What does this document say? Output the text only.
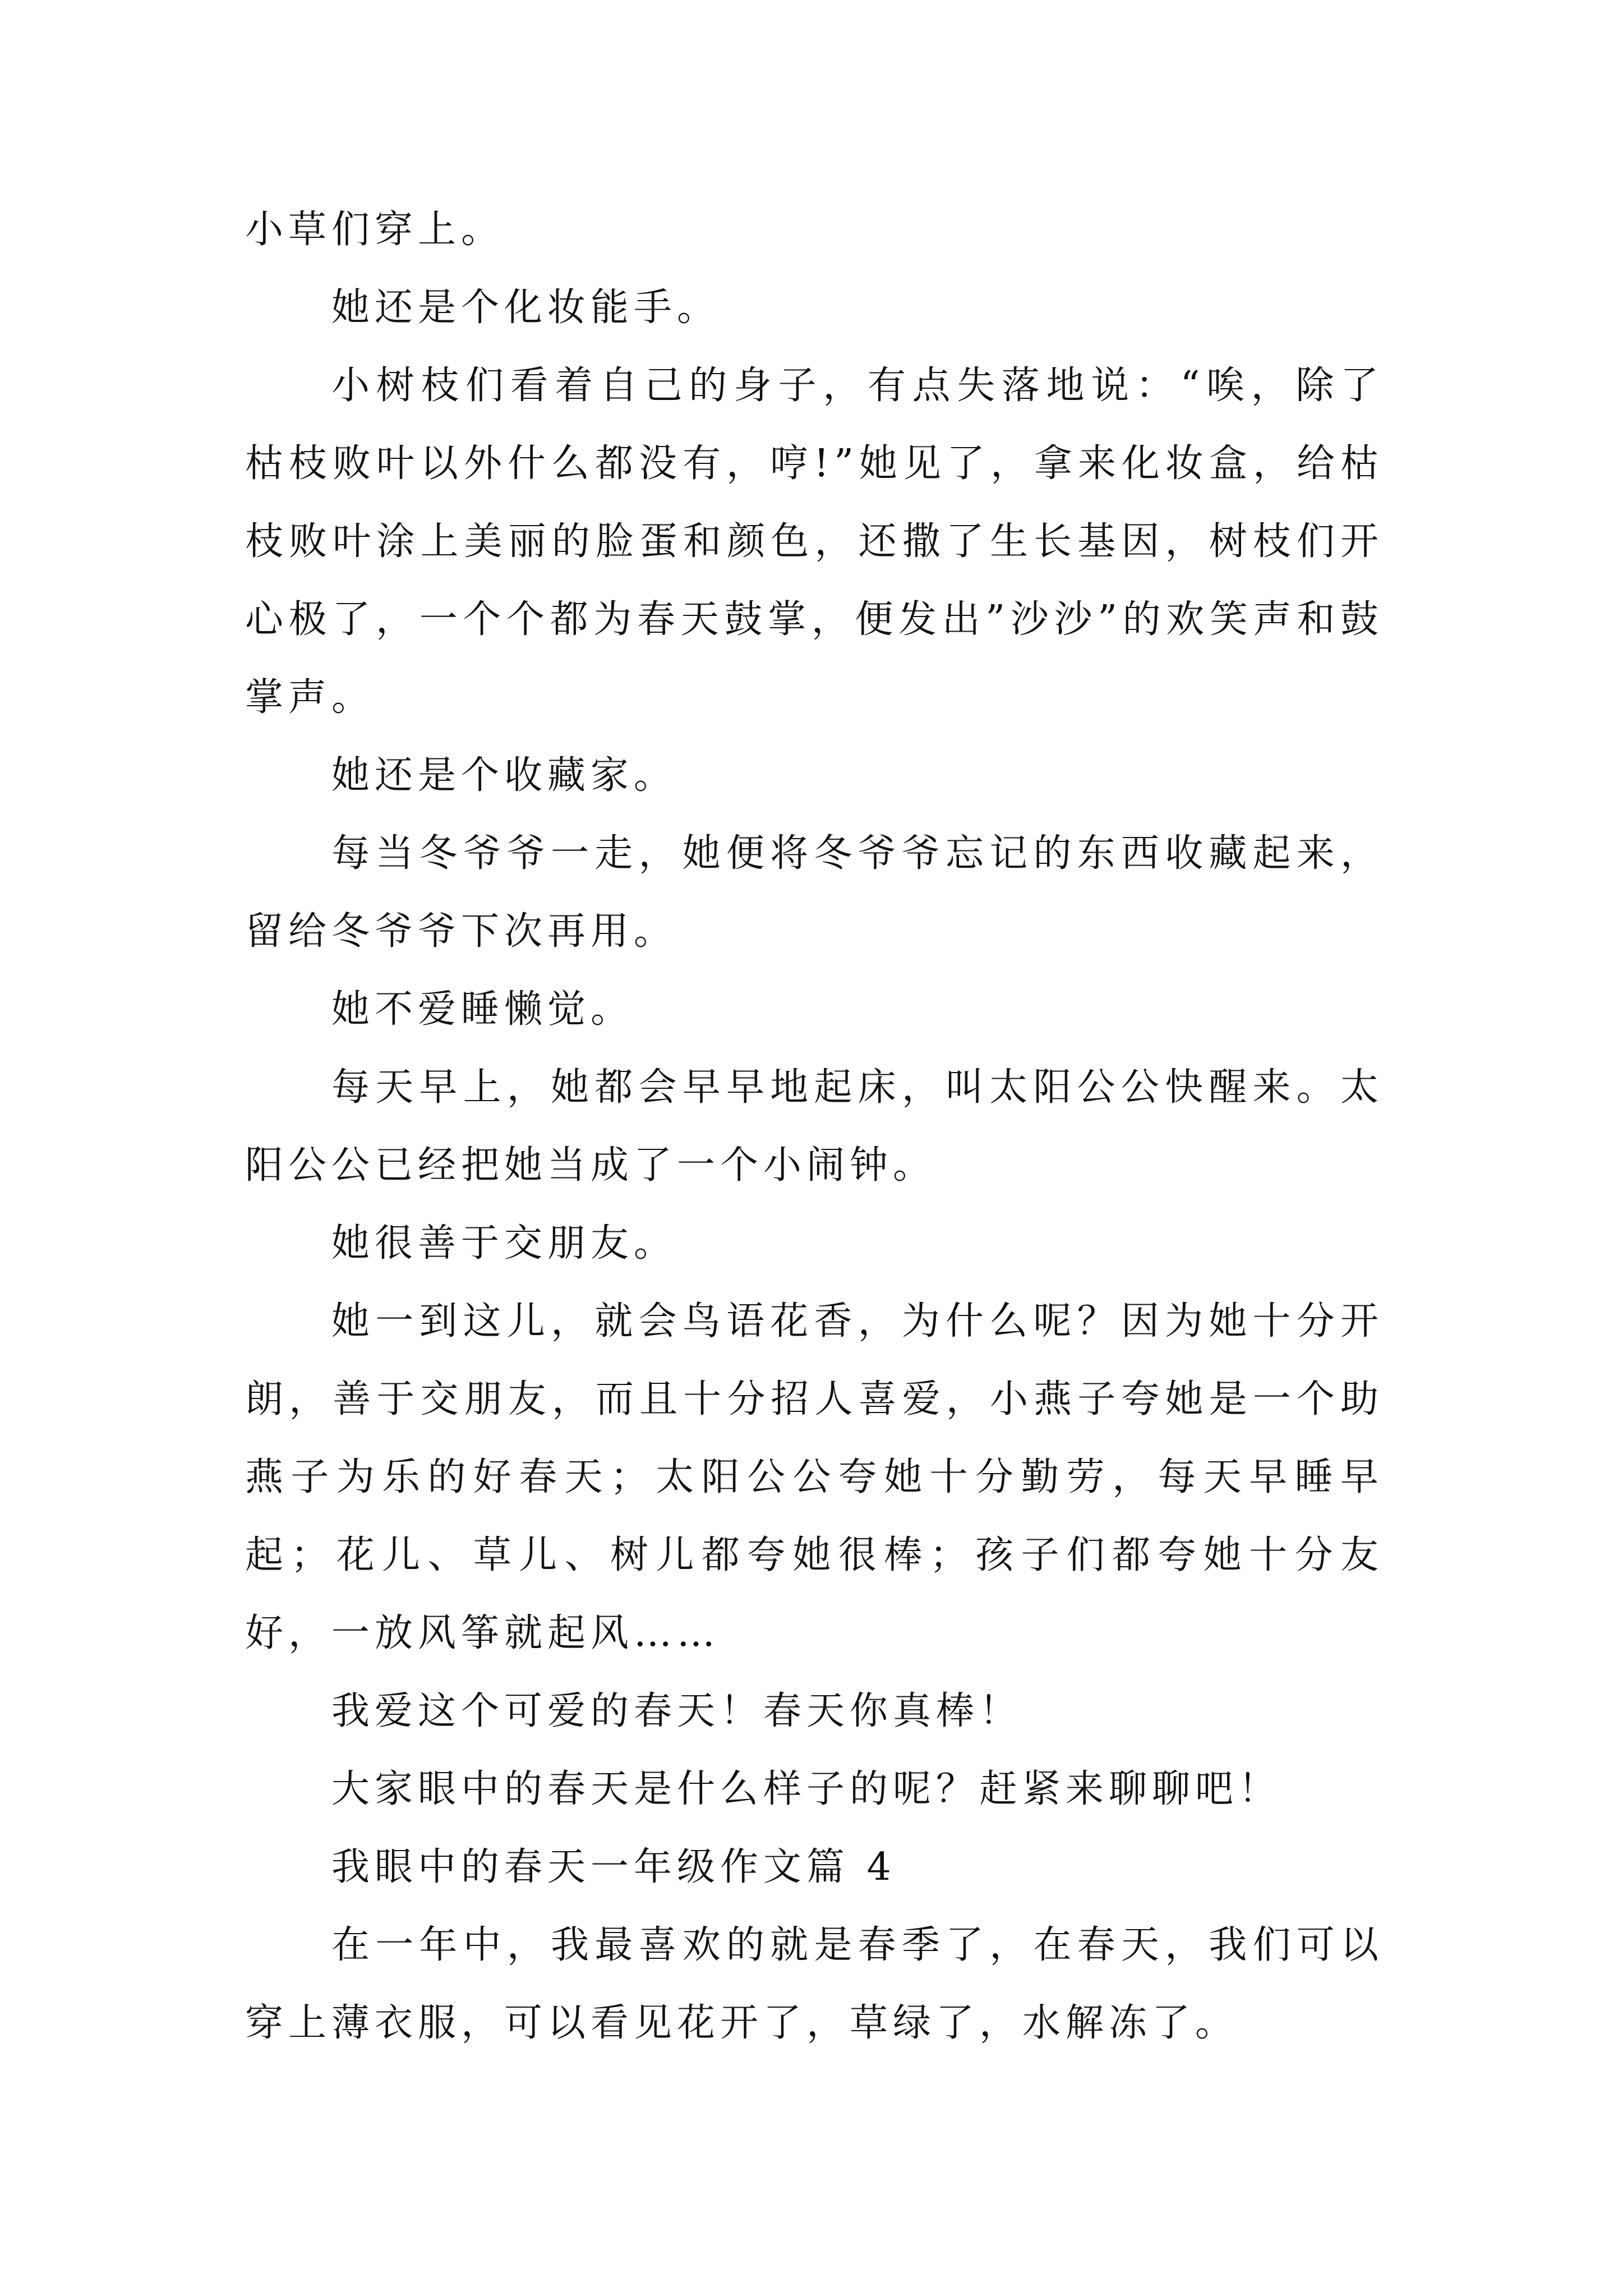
小草们穿上。

她还是个化妆能手。

小树枝们看着自己的身子，有点失落地说：“唉，除了枯枝败叶以外什么都没有，哼!”她见了，拿来化妆盒，给枯枝败叶涂上美丽的脸蛋和颜色，还撒了生长基因，树枝们开心极了，一个个都为春天鼓掌，便发出”沙沙”的欢笑声和鼓掌声。

她还是个收藏家。

每当冬爷爷一走，她便将冬爷爷忘记的东西收藏起来，留给冬爷爷下次再用。

她不爱睡懒觉。

每天早上，她都会早早地起床，叫太阳公公快醒来。太阳公公已经把她当成了一个小闹钟。

她很善于交朋友。

她一到这儿，就会鸟语花香，为什么呢？因为她十分开朗，善于交朋友，而且十分招人喜爱，小燕子夸她是一个助燕子为乐的好春天；太阳公公夸她十分勤劳，每天早睡早起；花儿、草儿、树儿都夸她很棒；孩子们都夸她十分友好，一放风筝就起风……

我爱这个可爱的春天！春天你真棒！

大家眼中的春天是什么样子的呢？赶紧来聊聊吧！

我眼中的春天一年级作文篇 4

在一年中，我最喜欢的就是春季了，在春天，我们可以穿上薄衣服，可以看见花开了，草绿了，水解冻了。
